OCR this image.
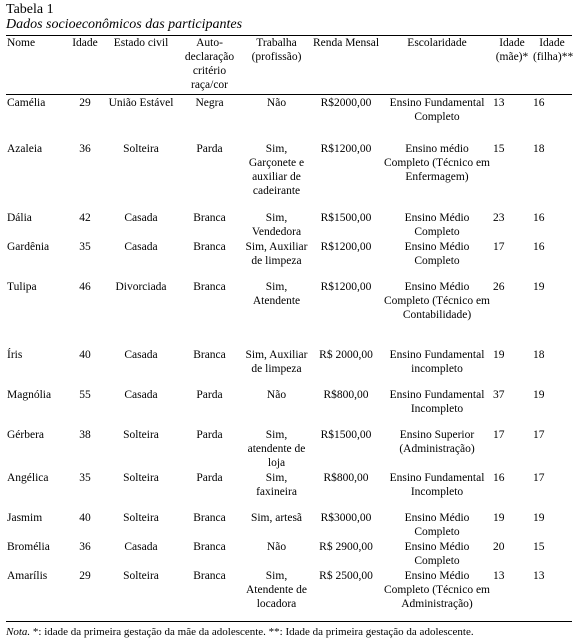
Tabela 1

Dados socioeconômicos das participantes

Nome	Idade	Estado civil	Auto-declaração critério raça/cor	Trabalha (profissão)	Renda Mensal	Escolaridade	Idade (mãe)*	Idade (filha)**
Camélia	29	União Estável	Negra	Não	R$2000,00	Ensino Fundamental Completo	13	16
Azaleia	36	Solteira	Parda	Sim, Garçonete e auxiliar de cadeirante	R$1200,00	Ensino médio Completo (Técnico em Enfermagem)	15	18
Dália	42	Casada	Branca	Sim, Vendedora	R$1500,00	Ensino Médio Completo	23	16
Gardênia	35	Casada	Branca	Sim, Auxiliar de limpeza	R$1200,00	Ensino Médio Completo	17	16
Tulipa	46	Divorciada	Branca	Sim, Atendente	R$1200,00	Ensino Médio Completo (Técnico em Contabilidade)	26	19
Íris	40	Casada	Branca	Sim, Auxiliar de limpeza	R$ 2000,00	Ensino Fundamental incompleto	19	18
Magnólia	55	Casada	Parda	Não	R$800,00	Ensino Fundamental Incompleto	37	19
Gérbera	38	Solteira	Parda	Sim, atendente de loja	R$1500,00	Ensino Superior (Administração)	17	17
Angélica	35	Solteira	Parda	Sim, faxineira	R$800,00	Ensino Fundamental Incompleto	16	17
Jasmim	40	Solteira	Branca	Sim, artesã	R$3000,00	Ensino Médio Completo	19	19
Bromélia	36	Casada	Branca	Não	R$ 2900,00	Ensino Médio Completo	20	15
Amarílis	29	Solteira	Branca	Sim, Atendente de locadora	R$ 2500,00	Ensino Médio Completo (Técnico em Administração)	13	13

Nota. *: idade da primeira gestação da mãe da adolescente. **: Idade da primeira gestação da adolescente.
